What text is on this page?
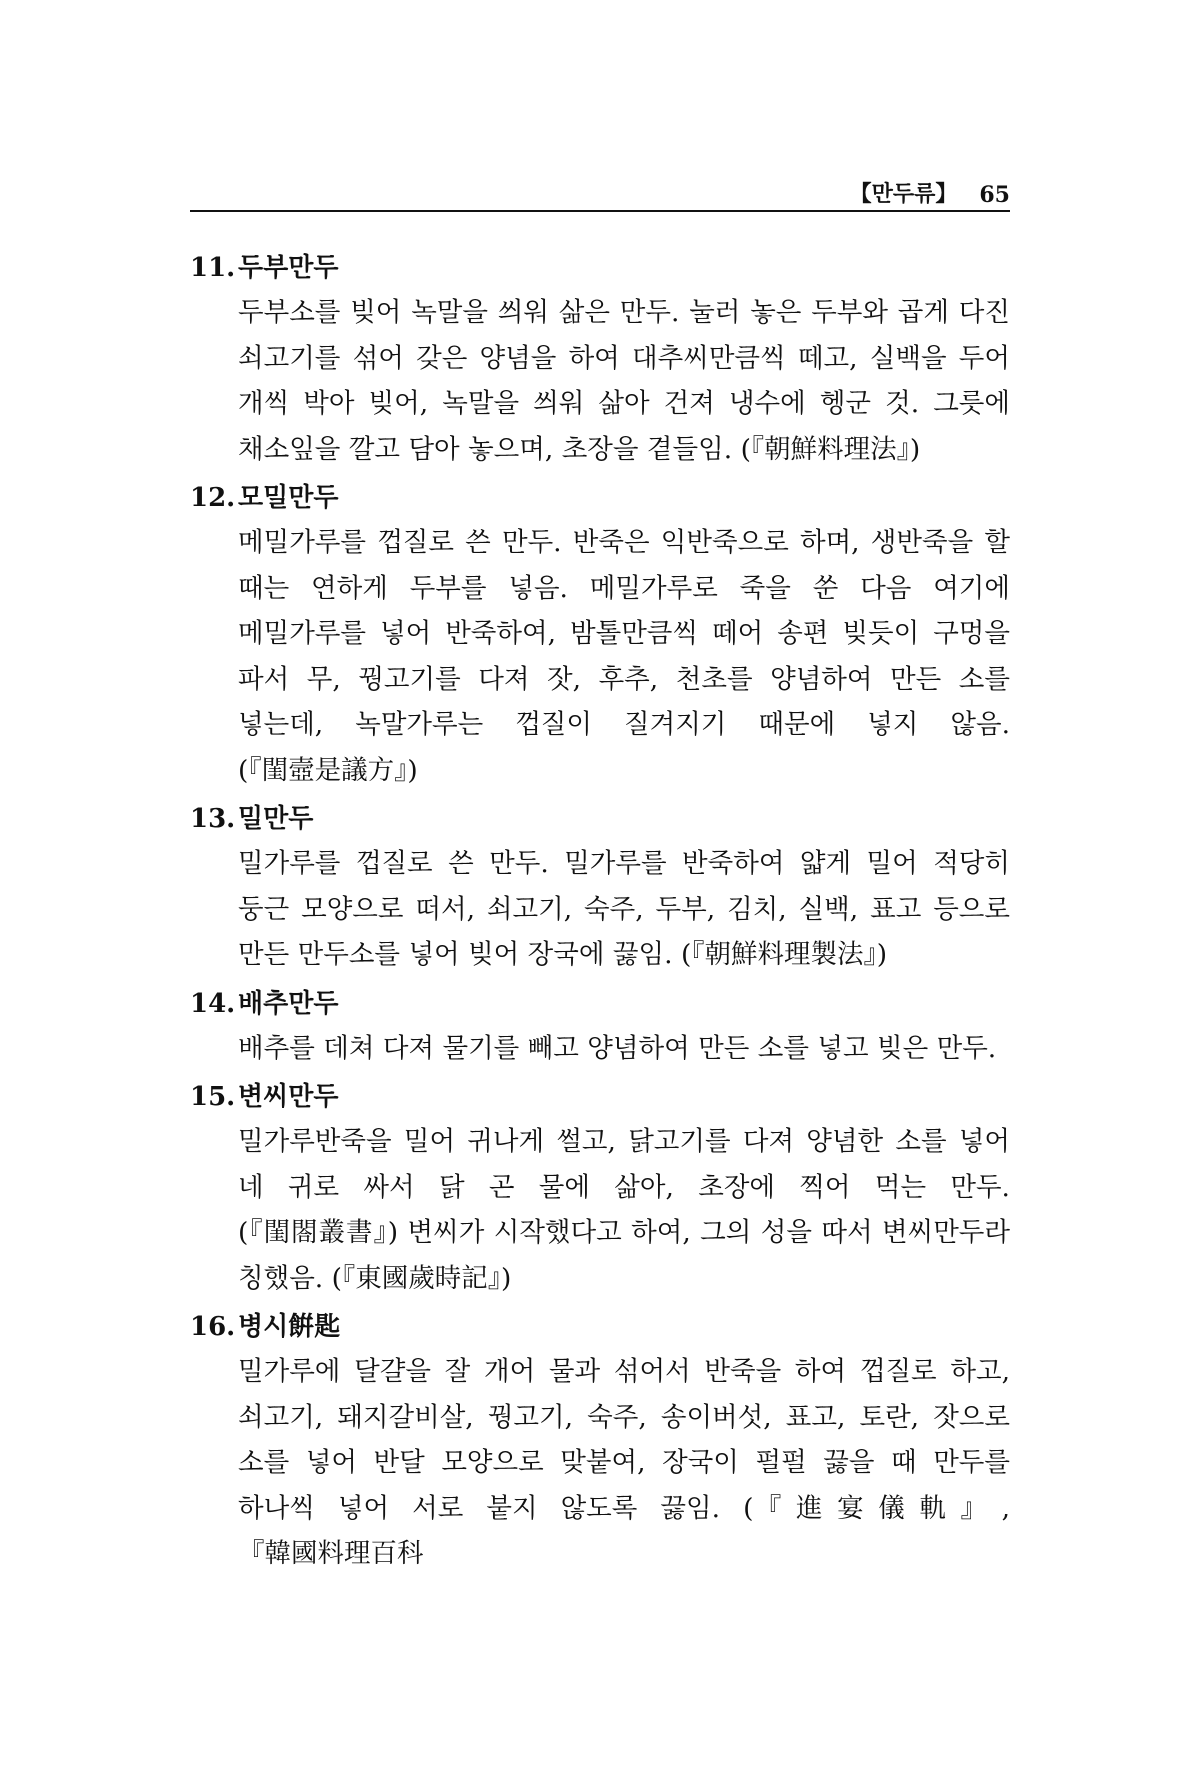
【만두류】 65
11. 두부만두
두부소를 빚어 녹말을 씌워 삶은 만두. 눌러 놓은 두부와 곱게 다진 쇠고기를 섞어 갖은 양념을 하여 대추씨만큼씩 떼고, 실백을 두어 개씩 박아 빚어, 녹말을 씌워 삶아 건져 냉수에 헹군 것. 그릇에 채소잎을 깔고 담아 놓으며, 초장을 곁들임. (『朝鮮料理法』)
12. 모밀만두
메밀가루를 껍질로 쓴 만두. 반죽은 익반죽으로 하며, 생반죽을 할 때는 연하게 두부를 넣음. 메밀가루로 죽을 쑨 다음 여기에 메밀가루를 넣어 반죽하여, 밤톨만큼씩 떼어 송편 빚듯이 구멍을 파서 무, 꿩고기를 다져 잣, 후추, 천초를 양념하여 만든 소를 넣는데, 녹말가루는 껍질이 질겨지기 때문에 넣지 않음. (『閨壼是議方』)
13. 밀만두
밀가루를 껍질로 쓴 만두. 밀가루를 반죽하여 얇게 밀어 적당히 둥근 모양으로 떠서, 쇠고기, 숙주, 두부, 김치, 실백, 표고 등으로 만든 만두소를 넣어 빚어 장국에 끓임. (『朝鮮料理製法』)
14. 배추만두
배추를 데쳐 다져 물기를 빼고 양념하여 만든 소를 넣고 빚은 만두.
15. 변씨만두
밀가루반죽을 밀어 귀나게 썰고, 닭고기를 다져 양념한 소를 넣어 네 귀로 싸서 닭 곤 물에 삶아, 초장에 찍어 먹는 만두. (『閨閤叢書』) 변씨가 시작했다고 하여, 그의 성을 따서 변씨만두라 칭했음. (『東國歲時記』)
16. 병시餠匙
밀가루에 달걀을 잘 개어 물과 섞어서 반죽을 하여 껍질로 하고, 쇠고기, 돼지갈비살, 꿩고기, 숙주, 송이버섯, 표고, 토란, 잣으로 소를 넣어 반달 모양으로 맞붙여, 장국이 펄펄 끓을 때 만두를 하나씩 넣어 서로 붙지 않도록 끓임. (『進宴儀軌』, 『韓國料理百科
